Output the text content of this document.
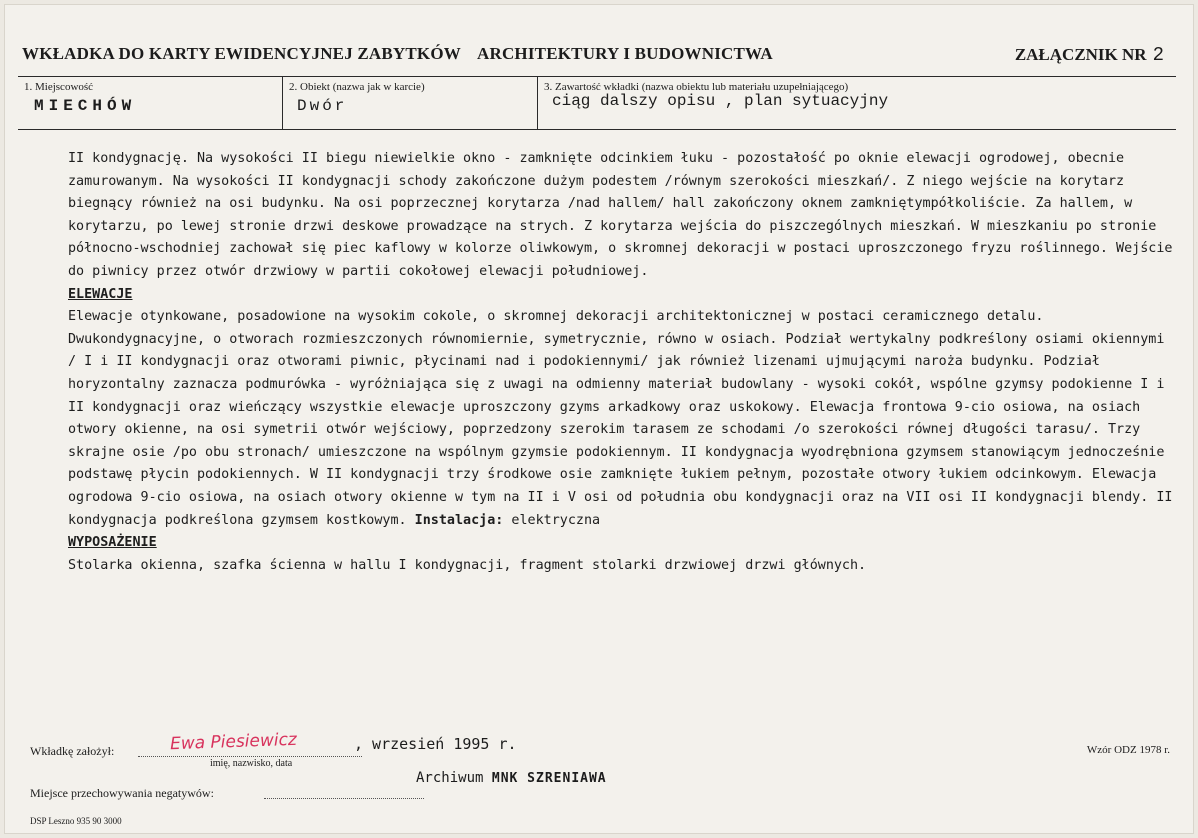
WKŁADKA DO KARTY EWIDENCYJNEJ ZABYTKÓW ARCHITEKTURY I BUDOWNICTWA	ZAŁĄCZNIK NR 2
1. Miejscowość
MIECHÓW
2. Obiekt (nazwa jak w karcie)
Dwór
3. Zawartość wkładki (nazwa obiektu lub materiału uzupełniającego)
ciąg dalszy opisu , plan sytuacyjny

II kondygnację. Na wysokości II biegu niewielkie okno - zamknięte odcinkiem łuku - pozostałość po oknie elewacji ogrodowej, obecnie zamurowanym. Na wysokości II kondygnacji schody zakończone dużym podestem /równym szerokości mieszkań/. Z niego wejście na korytarz biegnący również na osi budynku. Na osi poprzecznej korytarza /nad hallem/ hall zakończony oknem zamkniętympółkoliście. Za hallem, w korytarzu, po lewej stronie drzwi deskowe prowadzące na strych. Z korytarza wejścia do piszczególnych mieszkań. W mieszkaniu po stronie północno-wschodniej zachował się piec kaflowy w kolorze oliwkowym, o skromnej dekoracji w postaci uproszczonego fryzu roślinnego. Wejście do piwnicy przez otwór drzwiowy w partii cokołowej elewacji południowej.

ELEWACJE

Elewacje otynkowane, posadowione na wysokim cokole, o skromnej dekoracji architektonicznej w postaci ceramicznego detalu. Dwukondygnacyjne, o otworach rozmieszczonych równomiernie, symetrycznie, równo w osiach. Podział wertykalny podkreślony osiami okiennymi / I i II kondygnacji oraz otworami piwnic, płycinami nad i podokiennymi/ jak również lizenami ujmującymi naroża budynku. Podział horyzontalny zaznacza podmurówka - wyróżniająca się z uwagi na odmienny materiał budowlany - wysoki cokół, wspólne gzymsy podokienne I i II kondygnacji oraz wieńczący wszystkie elewacje uproszczony gzyms arkadkowy oraz uskokowy. Elewacja frontowa 9-cio osiowa, na osiach otwory okienne, na osi symetrii otwór wejściowy, poprzedzony szerokim tarasem ze schodami /o szerokości równej długości tarasu/. Trzy skrajne osie /po obu stronach/ umieszczone na wspólnym gzymsie podokiennym. II kondygnacja wyodrębniona gzymsem stanowiącym jednocześnie podstawę płycin podokiennych. W II kondygnacji trzy środkowe osie zamknięte łukiem pełnym, pozostałe otwory łukiem odcinkowym. Elewacja ogrodowa 9-cio osiowa, na osiach otwory okienne w tym na II i V osi od południa obu kondygnacji oraz na VII osi II kondygnacji blendy. II kondygnacja podkreślona gzymsem kostkowym. Instalacja: elektryczna

WYPOSAŻENIE

Stolarka okienna, szafka ścienna w hallu I kondygnacji, fragment stolarki drzwiowej drzwi głównych.

Wkładkę założył:	Ewa Piesiewicz	, wrzesień 1995 r.
imię, nazwisko, data
Wzór ODZ 1978 r.
Archiwum MNK SZRENIAWA
Miejsce przechowywania negatywów:
DSP Leszno 935 90 3000
